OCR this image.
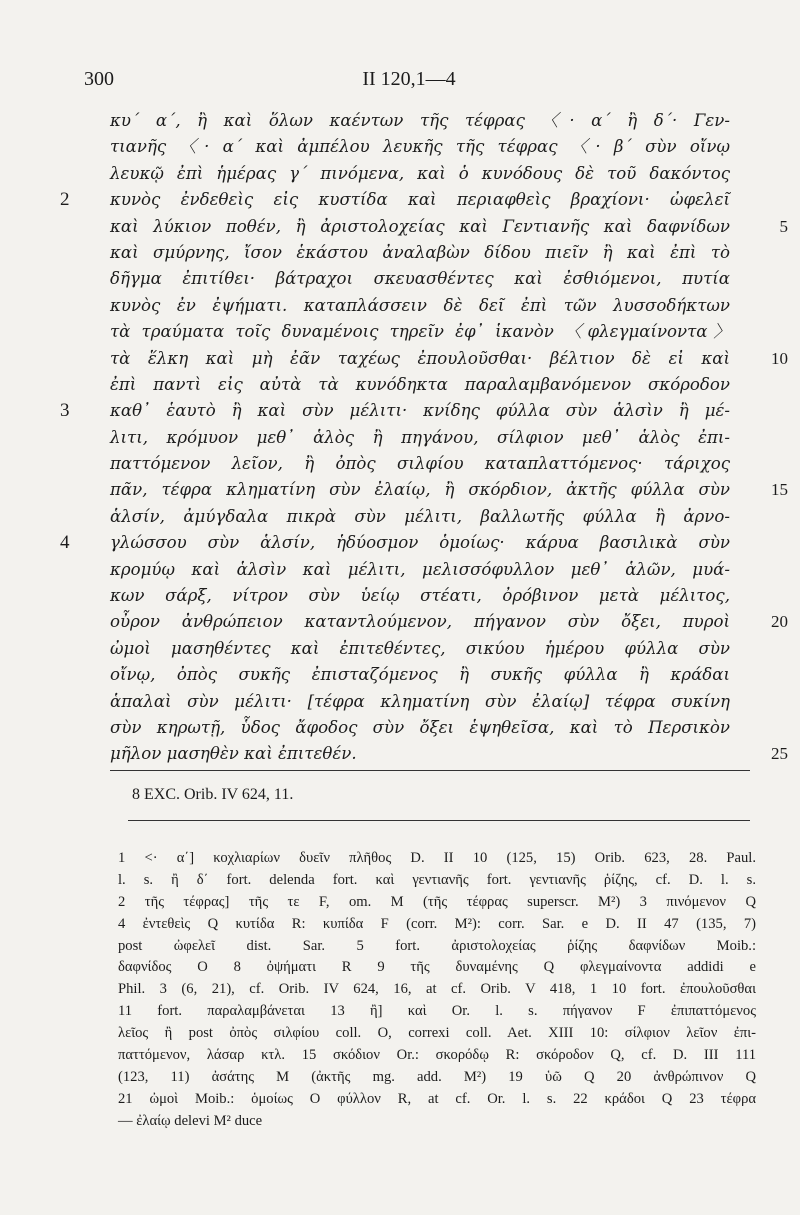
300	II 120,1—4
κυ΄ α΄, ἢ καὶ ὅλων καέντων τῆς τέφρας 〈· α΄ ἢ δ΄· Γεν-
τιανῆς 〈· α΄ καὶ ἀμπέλου λευκῆς τῆς τέφρας 〈· β΄ σὺν οἴνῳ
λευκῷ ἐπὶ ἡμέρας γ΄ πινόμενα, καὶ ὁ κυνόδους δὲ τοῦ δακόντος
κυνὸς ἐνδεθεὶς εἰς κυστίδα καὶ περιαφθεὶς βραχίονι· ὠφελεῖ
2
καὶ λύκιον ποθέν, ἢ ἀριστολοχείας καὶ Γεντιανῆς καὶ δαφνίδων	5
καὶ σμύρνης, ἴσον ἑκάστου ἀναλαβὼν δίδου πιεῖν ἢ καὶ ἐπὶ τὸ
δῆγμα ἐπιτίθει· βάτραχοι σκευασθέντες καὶ ἐσθιόμενοι, πυτία
κυνὸς ἐν ἐψήματι. καταπλάσσειν δὲ δεῖ ἐπὶ τῶν λυσσοδήκτων
τὰ τραύματα τοῖς δυναμένοις τηρεῖν ἐφ᾽ ἱκανὸν 〈φλεγμαίνοντα〉
τὰ ἕλκη καὶ μὴ ἐᾶν ταχέως ἐπουλοῦσθαι· βέλτιον δὲ εἰ καὶ	10
ἐπὶ παντὶ εἰς αὐτὰ τὰ κυνόδηκτα παραλαμβανόμενον σκόροδον
καθ᾽ ἑαυτὸ ἢ καὶ σὺν μέλιτι· κνίδης φύλλα σὺν ἁλσὶν ἢ μέ-
3
λιτι, κρόμυον μεθ᾽ ἁλὸς ἢ πηγάνου, σίλφιον μεθ᾽ ἁλὸς ἐπι-
παττόμενον λεῖον, ἢ ὀπὸς σιλφίου καταπλαττόμενος· τάριχος
πᾶν, τέφρα κληματίνη σὺν ἐλαίῳ, ἢ σκόρδιον, ἀκτῆς φύλλα σὺν	15
ἁλσίν, ἀμύγδαλα πικρὰ σὺν μέλιτι, βαλλωτῆς φύλλα ἢ ἀρνο-
γλώσσου σὺν ἁλσίν, ἡδύοσμον ὁμοίως· κάρυα βασιλικὰ σὺν
4
κρομύῳ καὶ ἁλσὶν καὶ μέλιτι, μελισσόφυλλον μεθ᾽ ἁλῶν, μυά-
κων σάρξ, νίτρον σὺν ὑείῳ στέατι, ὀρόβινον μετὰ μέλιτος,
οὖρον ἀνθρώπειον καταντλούμενον, πήγανον σὺν ὄξει, πυροὶ	20
ὠμοὶ μασηθέντες καὶ ἐπιτεθέντες, σικύου ἡμέρου φύλλα σὺν
οἴνῳ, ὀπὸς συκῆς ἐπισταζόμενος ἢ συκῆς φύλλα ἢ κράδαι
ἁπαλαὶ σὺν μέλιτι· [τέφρα κληματίνη σὺν ἐλαίῳ] τέφρα συκίνη
σὺν κηρωτῇ, ὗδος ἄφοδος σὺν ὄξει ἑψηθεῖσα, καὶ τὸ Περσικὸν
μῆλον μασηθὲν καὶ ἐπιτεθέν.	25
8 EXC. Orib. IV 624, 11.
1 <· α΄] κοχλιαρίων δυεῖν πλῆθος D. II 10 (125, 15) Orib. 623, 28. Paul.
l. s. ἢ δ΄ fort. delenda fort. καὶ γεντιανῆς fort. γεντιανῆς ῥίζης, cf. D. l. s.
2 τῆς τέφρας] τῆς τε F, om. M (τῆς τέφρας superscr. M²) 3 πινόμενον Q
4 ἐντεθεὶς Q κυτίδα R: κυπίδα F (corr. M²): corr. Sar. e D. II 47 (135, 7)
post ὠφελεῖ dist. Sar. 5 fort. ἀριστολοχείας ῥίζης δαφνίδων Moib.:
δαφνίδος O 8 ὀψήματι R 9 τῆς δυναμένης Q φλεγμαίνοντα addidi e
Phil. 3 (6, 21), cf. Orib. IV 624, 16, at cf. Orib. V 418, 1 10 fort. ἐπουλοῦσθαι
11 fort. παραλαμβάνεται 13 ἢ] καὶ Or. l. s. πήγανον F ἐπιπαττόμενος
λεῖος ἢ post ὀπὸς σιλφίου coll. O, correxi coll. Aet. XIII 10: σίλφιον λεῖον ἐπι-
παττόμενον, λάσαρ κτλ. 15 σκόδιον Or.: σκορόδῳ R: σκόροδον Q, cf. D. III 111
(123, 11) ἀσάτης M (ἀκτῆς mg. add. M²) 19 ὑῶ Q 20 ἀνθρώπινον Q
21 ὠμοὶ Moib.: ὁμοίως O φύλλον R, at cf. Or. l. s. 22 κράδοι Q 23 τέφρα
— ἐλαίῳ delevi M² duce
